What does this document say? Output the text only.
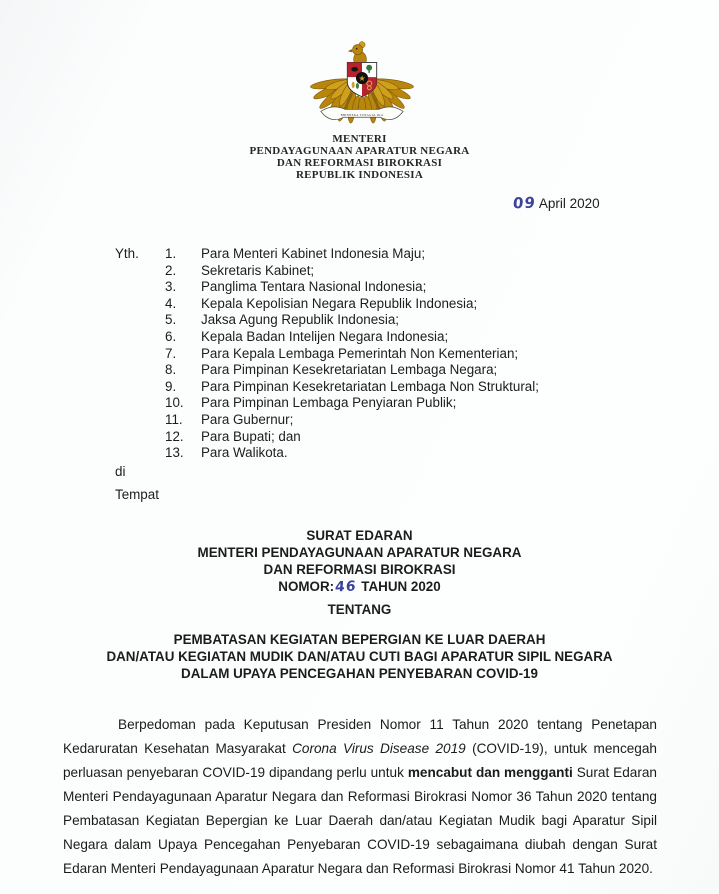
BHINNEKA TUNGGAL IKA
★
MENTERI
PENDAYAGUNAAN APARATUR NEGARA
DAN REFORMASI BIROKRASI
REPUBLIK INDONESIA
09 April 2020
Yth. 1.	Para Menteri Kabinet Indonesia Maju;
2.	Sekretaris Kabinet;
3.	Panglima Tentara Nasional Indonesia;
4.	Kepala Kepolisian Negara Republik Indonesia;
5.	Jaksa Agung Republik Indonesia;
6.	Kepala Badan Intelijen Negara Indonesia;
7.	Para Kepala Lembaga Pemerintah Non Kementerian;
8.	Para Pimpinan Kesekretariatan Lembaga Negara;
9.	Para Pimpinan Kesekretariatan Lembaga Non Struktural;
10.	Para Pimpinan Lembaga Penyiaran Publik;
11.	Para Gubernur;
12.	Para Bupati; dan
13.	Para Walikota.
di
Tempat
SURAT EDARAN
MENTERI PENDAYAGUNAAN APARATUR NEGARA
DAN REFORMASI BIROKRASI
NOMOR:46 TAHUN 2020
TENTANG
PEMBATASAN KEGIATAN BEPERGIAN KE LUAR DAERAH
DAN/ATAU KEGIATAN MUDIK DAN/ATAU CUTI BAGI APARATUR SIPIL NEGARA
DALAM UPAYA PENCEGAHAN PENYEBARAN COVID-19

Berpedoman pada Keputusan Presiden Nomor 11 Tahun 2020 tentang Penetapan Kedaruratan Kesehatan Masyarakat Corona Virus Disease 2019 (COVID-19), untuk mencegah perluasan penyebaran COVID-19 dipandang perlu untuk mencabut dan mengganti Surat Edaran Menteri Pendayagunaan Aparatur Negara dan Reformasi Birokrasi Nomor 36 Tahun 2020 tentang Pembatasan Kegiatan Bepergian ke Luar Daerah dan/atau Kegiatan Mudik bagi Aparatur Sipil Negara dalam Upaya Pencegahan Penyebaran COVID-19 sebagaimana diubah dengan Surat Edaran Menteri Pendayagunaan Aparatur Negara dan Reformasi Birokrasi Nomor 41 Tahun 2020.
